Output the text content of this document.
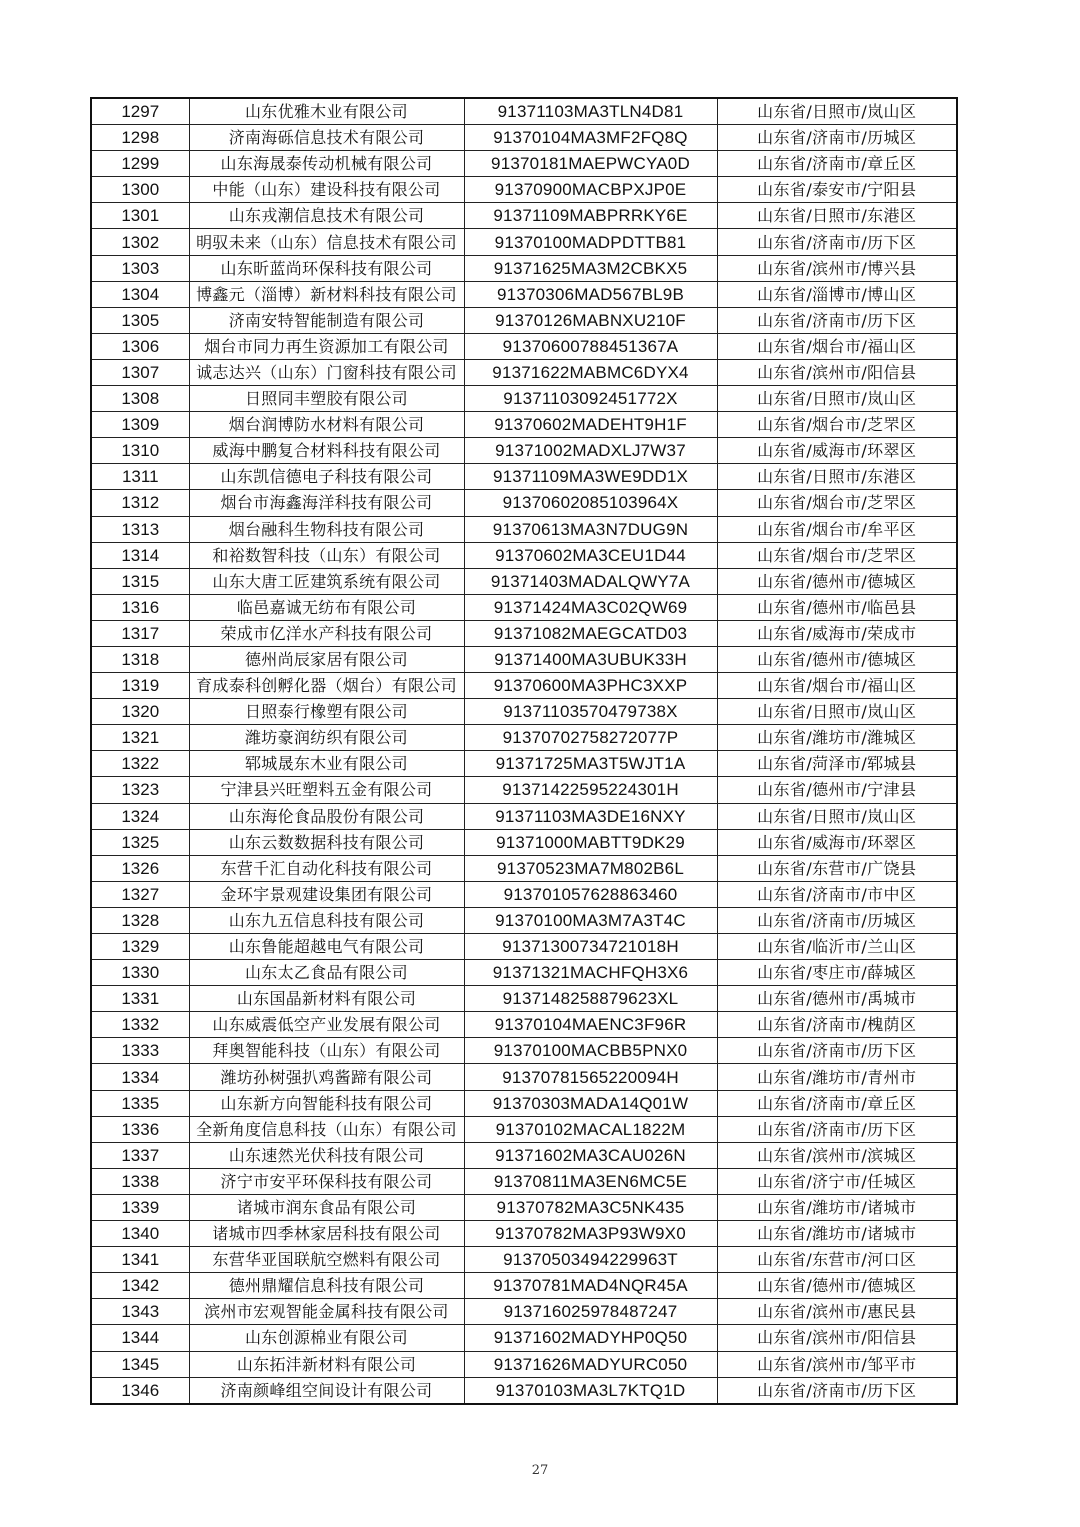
1297	山东优雅木业有限公司	91371103MA3TLN4D81	山东省/日照市/岚山区
1298	济南海砾信息技术有限公司	91370104MA3MF2FQ8Q	山东省/济南市/历城区
1299	山东海晟泰传动机械有限公司	91370181MAEPWCYA0D	山东省/济南市/章丘区
1300	中能（山东）建设科技有限公司	91370900MACBPXJP0E	山东省/泰安市/宁阳县
1301	山东戎潮信息技术有限公司	91371109MABPRRKY6E	山东省/日照市/东港区
1302	明驭未来（山东）信息技术有限公司	91370100MADPDTTB81	山东省/济南市/历下区
1303	山东昕蓝尚环保科技有限公司	91371625MA3M2CBKX5	山东省/滨州市/博兴县
1304	博鑫元（淄博）新材料科技有限公司	91370306MAD567BL9B	山东省/淄博市/博山区
1305	济南安特智能制造有限公司	91370126MABNXU210F	山东省/济南市/历下区
1306	烟台市同力再生资源加工有限公司	9137060078845136​7A	山东省/烟台市/福山区
1307	诚志达兴（山东）门窗科技有限公司	91371622MABMC6DYX4	山东省/滨州市/阳信县
1308	日照同丰塑胶有限公司	91371103092451772X	山东省/日照市/岚山区
1309	烟台润博防水材料有限公司	91370602MADEHT9H1F	山东省/烟台市/芝罘区
1310	威海中鹏复合材料科技有限公司	91371002MADXLJ7W37	山东省/威海市/环翠区
1311	山东凯信德电子科技有限公司	91371109MA3WE9DD1X	山东省/日照市/东港区
1312	烟台市海鑫海洋科技有限公司	91370602085103964X	山东省/烟台市/芝罘区
1313	烟台融科生物科技有限公司	91370613MA3N7DUG9N	山东省/烟台市/牟平区
1314	和裕数智科技（山东）有限公司	91370602MA3CEU1D44	山东省/烟台市/芝罘区
1315	山东大唐工匠建筑系统有限公司	91371403MADALQWY7A	山东省/德州市/德城区
1316	临邑嘉诚无纺布有限公司	91371424MA3C02QW69	山东省/德州市/临邑县
1317	荣成市亿洋水产科技有限公司	91371082MAEGCATD03	山东省/威海市/荣成市
1318	德州尚辰家居有限公司	91371400MA3UBUK33H	山东省/德州市/德城区
1319	育成泰科创孵化器（烟台）有限公司	91370600MA3PHC3XXP	山东省/烟台市/福山区
1320	日照泰行橡塑有限公司	91371103570479738X	山东省/日照市/岚山区
1321	潍坊豪润纺织有限公司	91370702758272077P	山东省/潍坊市/潍城区
1322	郓城晟东木业有限公司	91371725MA3T5WJT1A	山东省/菏泽市/郓城县
1323	宁津县兴旺塑料五金有限公司	91371422595224301H	山东省/德州市/宁津县
1324	山东海伦食品股份有限公司	91371103MA3DE16NXY	山东省/日照市/岚山区
1325	山东云数数据科技有限公司	91371000MABTT9DK29	山东省/威海市/环翠区
1326	东营千汇自动化科技有限公司	91370523MA7M802B6L	山东省/东营市/广饶县
1327	金环宇景观建设集团有限公司	913701057628863460	山东省/济南市/市中区
1328	山东九五信息科技有限公司	91370100MA3M7A3T4C	山东省/济南市/历城区
1329	山东鲁能超越电气有限公司	91371300734721018H	山东省/临沂市/兰山区
1330	山东太乙食品有限公司	91371321MACHFQH3X6	山东省/枣庄市/薛城区
1331	山东国晶新材料有限公司	9137148258879623XL	山东省/德州市/禹城市
1332	山东威震低空产业发展有限公司	91370104MAENC3F96R	山东省/济南市/槐荫区
1333	拜奥智能科技（山东）有限公司	91370100MACBB5PNX0	山东省/济南市/历下区
1334	潍坊孙树强扒鸡酱蹄有限公司	91370781565220094H	山东省/潍坊市/青州市
1335	山东新方向智能科技有限公司	91370303MADA14Q01W	山东省/济南市/章丘区
1336	全新角度信息科技（山东）有限公司	91370102MACAL1822M	山东省/济南市/历下区
1337	山东速然光伏科技有限公司	91371602MA3CAU026N	山东省/滨州市/滨城区
1338	济宁市安平环保科技有限公司	91370811MA3EN6MC5E	山东省/济宁市/任城区
1339	诸城市润东食品有限公司	91370782MA3C5NK435	山东省/潍坊市/诸城市
1340	诸城市四季林家居科技有限公司	91370782MA3P93W9X0	山东省/潍坊市/诸城市
1341	东营华亚国联航空燃料有限公司	91370503494229963T	山东省/东营市/河口区
1342	德州鼎耀信息科技有限公司	91370781MAD4NQR45A	山东省/德州市/德城区
1343	滨州市宏观智能金属科技有限公司	91371602597848724​7	山东省/滨州市/惠民县
1344	山东创源棉业有限公司	91371602MADYHP0Q50	山东省/滨州市/阳信县
1345	山东拓沣新材料有限公司	91371626MADYURC050	山东省/滨州市/邹平市
1346	济南颜峰组空间设计有限公司	91370103MA3L7KTQ1D	山东省/济南市/历下区
27
